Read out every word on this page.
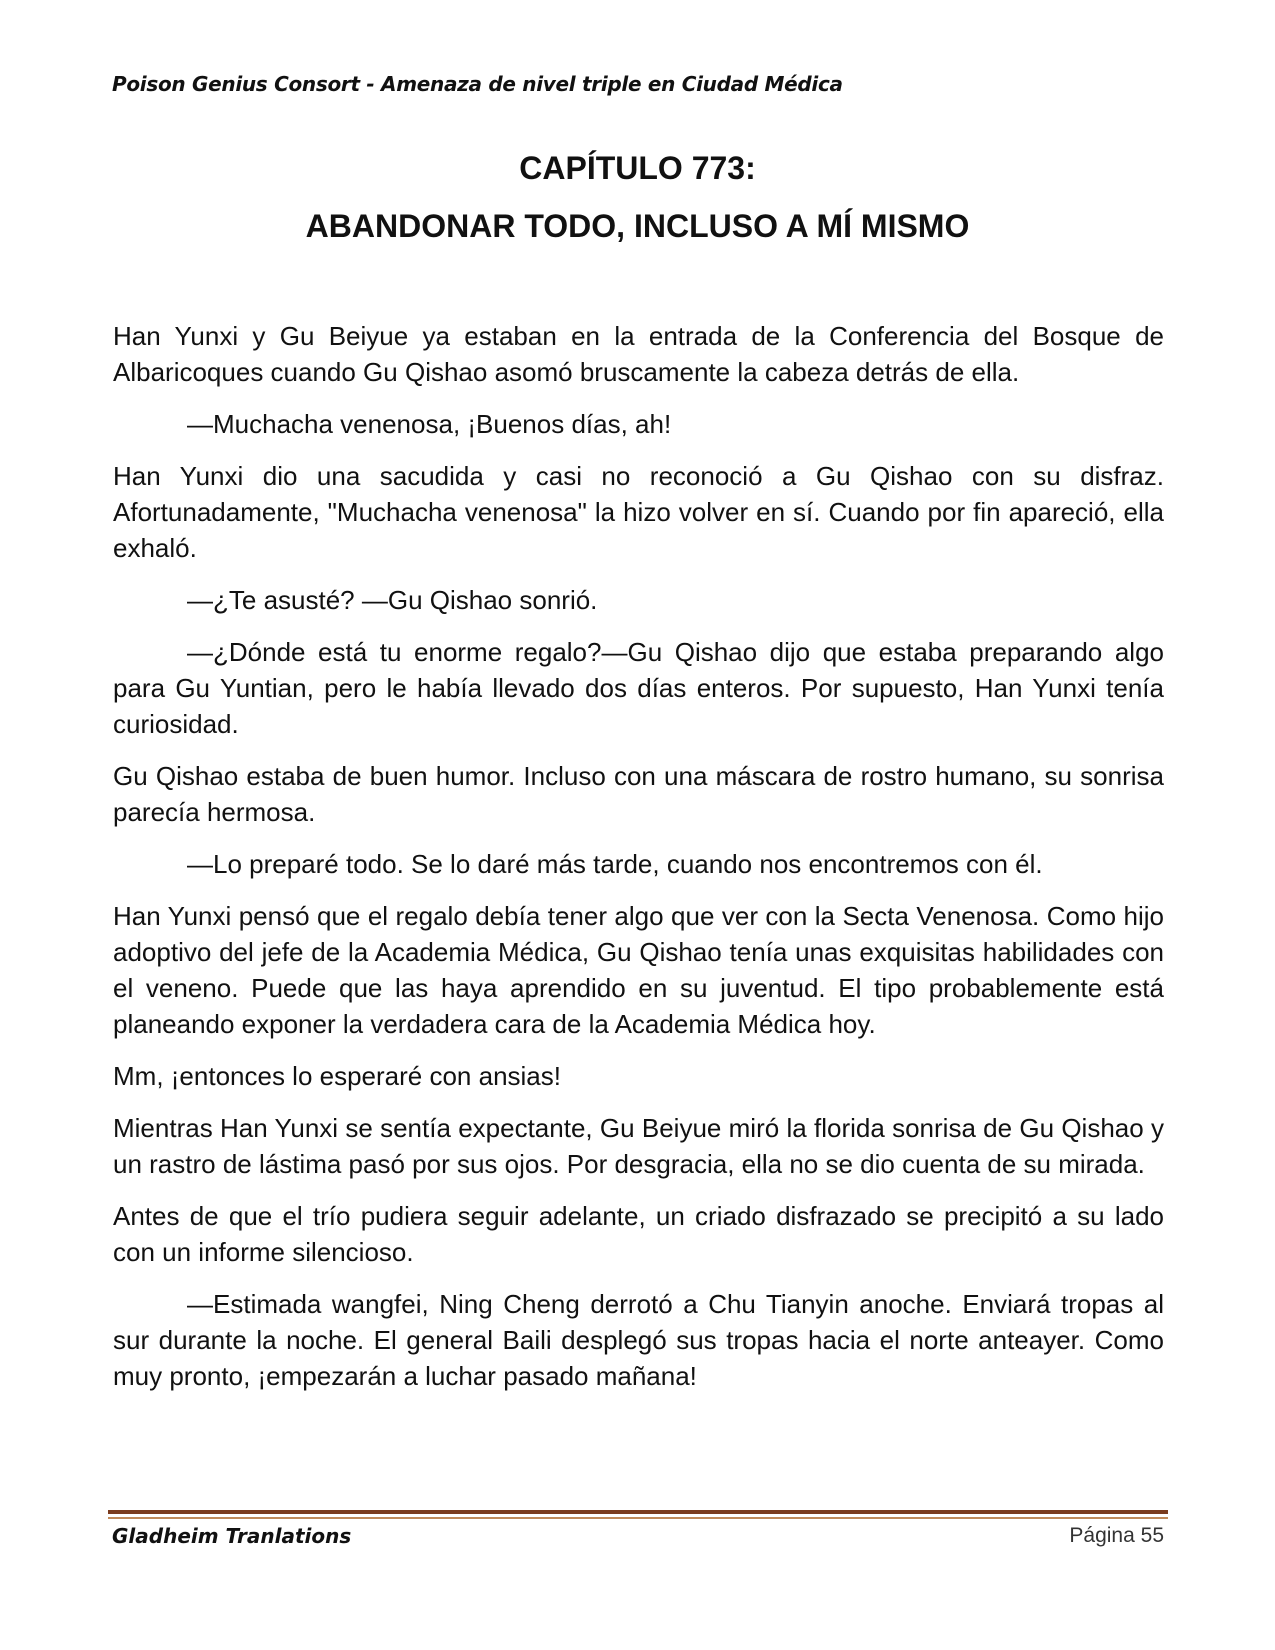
Poison Genius Consort - Amenaza de nivel triple en Ciudad Médica
CAPÍTULO 773:
ABANDONAR TODO, INCLUSO A MÍ MISMO

Han Yunxi y Gu Beiyue ya estaban en la entrada de la Conferencia del Bosque de Albaricoques cuando Gu Qishao asomó bruscamente la cabeza detrás de ella.

—Muchacha venenosa, ¡Buenos días, ah!

Han Yunxi dio una sacudida y casi no reconoció a Gu Qishao con su disfraz. Afortunadamente, "Muchacha venenosa" la hizo volver en sí. Cuando por fin apareció, ella exhaló.

—¿Te asusté? —Gu Qishao sonrió.

—¿Dónde está tu enorme regalo?—Gu Qishao dijo que estaba preparando algo para Gu Yuntian, pero le había llevado dos días enteros. Por supuesto, Han Yunxi tenía curiosidad.

Gu Qishao estaba de buen humor. Incluso con una máscara de rostro humano, su sonrisa parecía hermosa.

—Lo preparé todo. Se lo daré más tarde, cuando nos encontremos con él.

Han Yunxi pensó que el regalo debía tener algo que ver con la Secta Venenosa. Como hijo adoptivo del jefe de la Academia Médica, Gu Qishao tenía unas exquisitas habilidades con el veneno. Puede que las haya aprendido en su juventud. El tipo probablemente está planeando exponer la verdadera cara de la Academia Médica hoy.

Mm, ¡entonces lo esperaré con ansias!

Mientras Han Yunxi se sentía expectante, Gu Beiyue miró la florida sonrisa de Gu Qishao y un rastro de lástima pasó por sus ojos. Por desgracia, ella no se dio cuenta de su mirada.

Antes de que el trío pudiera seguir adelante, un criado disfrazado se precipitó a su lado con un informe silencioso.

—Estimada wangfei, Ning Cheng derrotó a Chu Tianyin anoche. Enviará tropas al sur durante la noche. El general Baili desplegó sus tropas hacia el norte anteayer. Como muy pronto, ¡empezarán a luchar pasado mañana!

Gladheim Tranlations	Página 55
